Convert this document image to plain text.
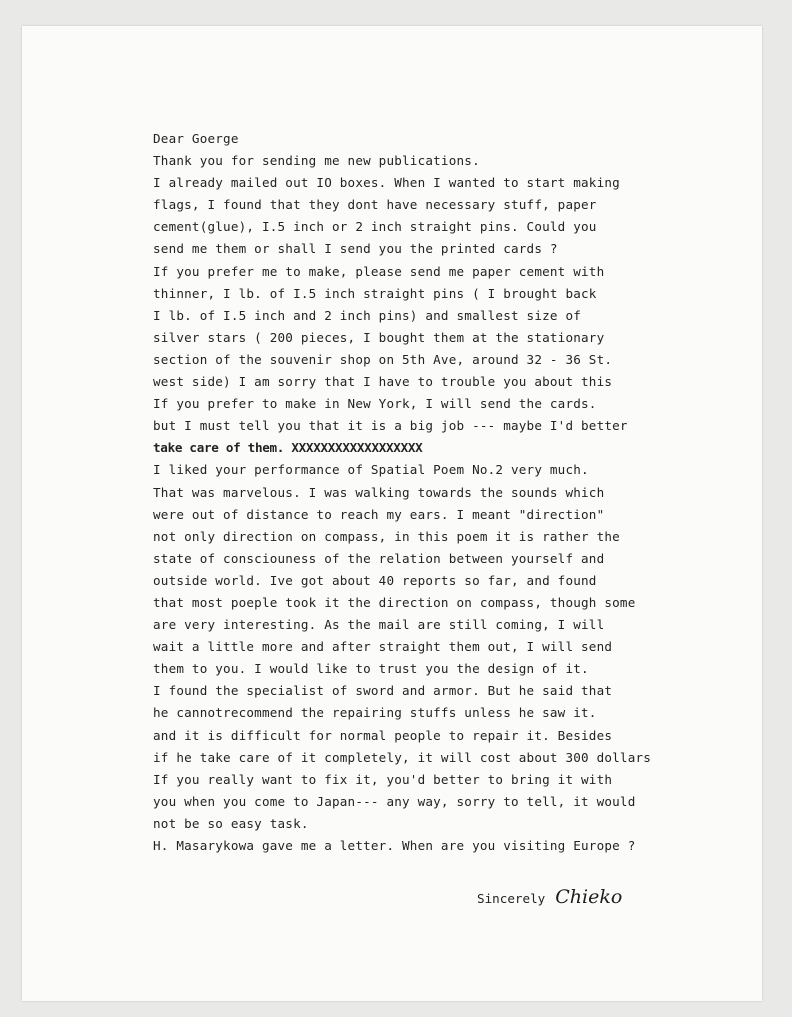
Dear Goerge
Thank you for sending me new publications.
I already mailed out IO boxes. When I wanted to start making
flags, I found that they dont have necessary stuff, paper
cement(glue), I.5 inch or 2 inch straight pins. Could you
send me them or shall I send you the printed cards ?
If you prefer me to make, please send me paper cement with
thinner, I lb. of I.5 inch straight pins ( I brought back
I lb. of I.5 inch and 2 inch pins) and smallest size of
silver stars ( 200 pieces, I bought them at the stationary
section of the souvenir shop on 5th Ave, around 32 - 36 St.
west side) I am sorry that I have to trouble you about this
If you prefer to make in New York, I will send the cards.
but I must tell you that it is a big job --- maybe I'd better
take care of them. XXXXXXXXXXXXXXXXXX
I liked your performance of Spatial Poem No.2 very much.
That was marvelous. I was walking towards the sounds which
were out of distance to reach my ears. I meant "direction"
not only direction on compass, in this poem it is rather the
state of consciouness of the relation between yourself and
outside world. Ive got about 40 reports so far, and found
that most poeple took it the direction on compass, though some
are very interesting. As the mail are still coming, I will
wait a little more and after straight them out, I will send
them to you. I would like to trust you the design of it.
I found the specialist of sword and armor. But he said that
he cannotrecommend the repairing stuffs unless he saw it.
and it is difficult for normal people to repair it. Besides
if he take care of it completely, it will cost about 300 dollars
If you really want to fix it, you'd better to bring it with
you when you come to Japan--- any way, sorry to tell, it would
not be so easy task.
H. Masarykowa gave me a letter. When are you visiting Europe ?
Sincerely Chieko
